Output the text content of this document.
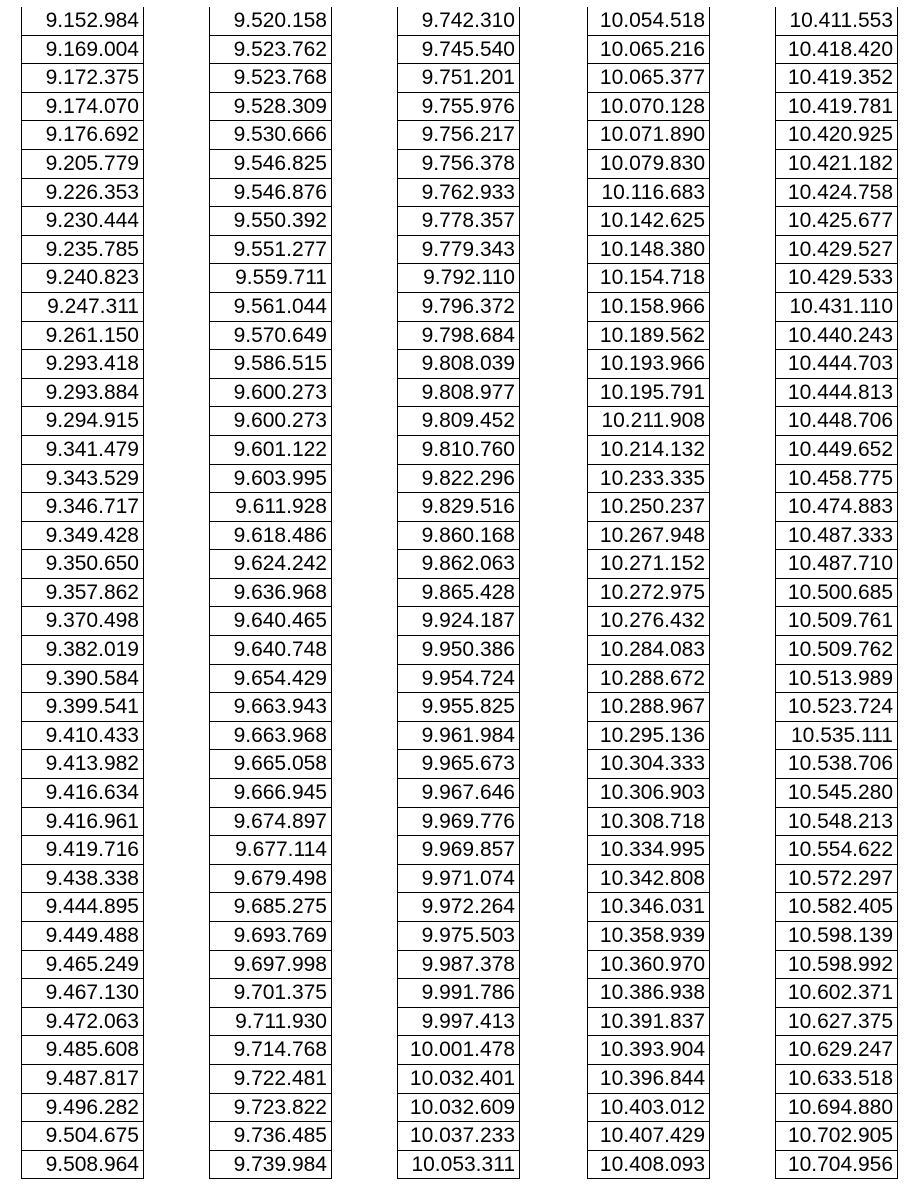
9.152.984
9.169.004
9.172.375
9.174.070
9.176.692
9.205.779
9.226.353
9.230.444
9.235.785
9.240.823
9.247.311
9.261.150
9.293.418
9.293.884
9.294.915
9.341.479
9.343.529
9.346.717
9.349.428
9.350.650
9.357.862
9.370.498
9.382.019
9.390.584
9.399.541
9.410.433
9.413.982
9.416.634
9.416.961
9.419.716
9.438.338
9.444.895
9.449.488
9.465.249
9.467.130
9.472.063
9.485.608
9.487.817
9.496.282
9.504.675
9.508.964
9.520.158
9.523.762
9.523.768
9.528.309
9.530.666
9.546.825
9.546.876
9.550.392
9.551.277
9.559.711
9.561.044
9.570.649
9.586.515
9.600.273
9.600.273
9.601.122
9.603.995
9.611.928
9.618.486
9.624.242
9.636.968
9.640.465
9.640.748
9.654.429
9.663.943
9.663.968
9.665.058
9.666.945
9.674.897
9.677.114
9.679.498
9.685.275
9.693.769
9.697.998
9.701.375
9.711.930
9.714.768
9.722.481
9.723.822
9.736.485
9.739.984
9.742.310
9.745.540
9.751.201
9.755.976
9.756.217
9.756.378
9.762.933
9.778.357
9.779.343
9.792.110
9.796.372
9.798.684
9.808.039
9.808.977
9.809.452
9.810.760
9.822.296
9.829.516
9.860.168
9.862.063
9.865.428
9.924.187
9.950.386
9.954.724
9.955.825
9.961.984
9.965.673
9.967.646
9.969.776
9.969.857
9.971.074
9.972.264
9.975.503
9.987.378
9.991.786
9.997.413
10.001.478
10.032.401
10.032.609
10.037.233
10.053.311
10.054.518
10.065.216
10.065.377
10.070.128
10.071.890
10.079.830
10.116.683
10.142.625
10.148.380
10.154.718
10.158.966
10.189.562
10.193.966
10.195.791
10.211.908
10.214.132
10.233.335
10.250.237
10.267.948
10.271.152
10.272.975
10.276.432
10.284.083
10.288.672
10.288.967
10.295.136
10.304.333
10.306.903
10.308.718
10.334.995
10.342.808
10.346.031
10.358.939
10.360.970
10.386.938
10.391.837
10.393.904
10.396.844
10.403.012
10.407.429
10.408.093
10.411.553
10.418.420
10.419.352
10.419.781
10.420.925
10.421.182
10.424.758
10.425.677
10.429.527
10.429.533
10.431.110
10.440.243
10.444.703
10.444.813
10.448.706
10.449.652
10.458.775
10.474.883
10.487.333
10.487.710
10.500.685
10.509.761
10.509.762
10.513.989
10.523.724
10.535.111
10.538.706
10.545.280
10.548.213
10.554.622
10.572.297
10.582.405
10.598.139
10.598.992
10.602.371
10.627.375
10.629.247
10.633.518
10.694.880
10.702.905
10.704.956
